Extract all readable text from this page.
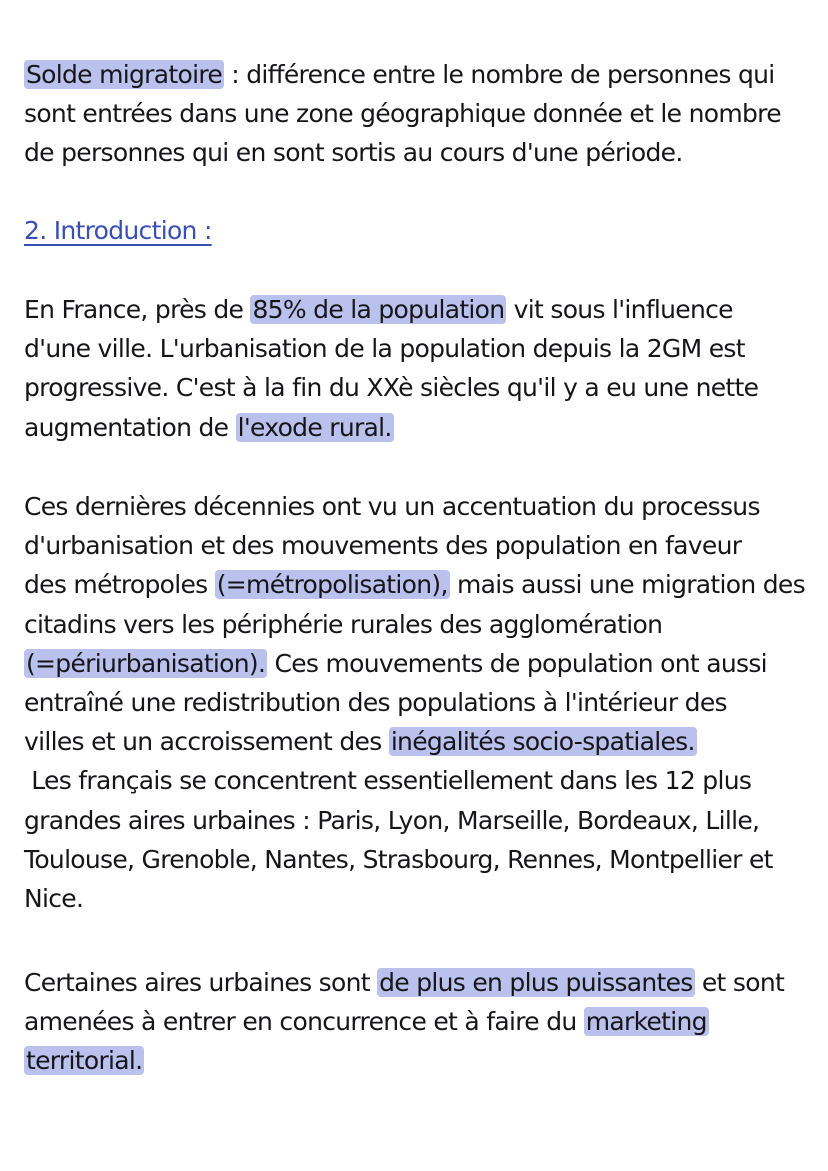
Solde migratoire : différence entre le nombre de personnes qui
sont entrées dans une zone géographique donnée et le nombre
de personnes qui en sont sortis au cours d'une période.
2. Introduction :
En France, près de 85% de la population vit sous l'influence
d'une ville. L'urbanisation de la population depuis la 2GM est
progressive. C'est à la fin du XXè siècles qu'il y a eu une nette
augmentation de l'exode rural.
Ces dernières décennies ont vu un accentuation du processus
d'urbanisation et des mouvements des population en faveur
des métropoles (=métropolisation), mais aussi une migration des
citadins vers les périphérie rurales des agglomération
(=périurbanisation). Ces mouvements de population ont aussi
entraîné une redistribution des populations à l'intérieur des
villes et un accroissement des inégalités socio-spatiales.
Les français se concentrent essentiellement dans les 12 plus
grandes aires urbaines : Paris, Lyon, Marseille, Bordeaux, Lille,
Toulouse, Grenoble, Nantes, Strasbourg, Rennes, Montpellier et
Nice.
Certaines aires urbaines sont de plus en plus puissantes et sont
amenées à entrer en concurrence et à faire du marketing
territorial.
